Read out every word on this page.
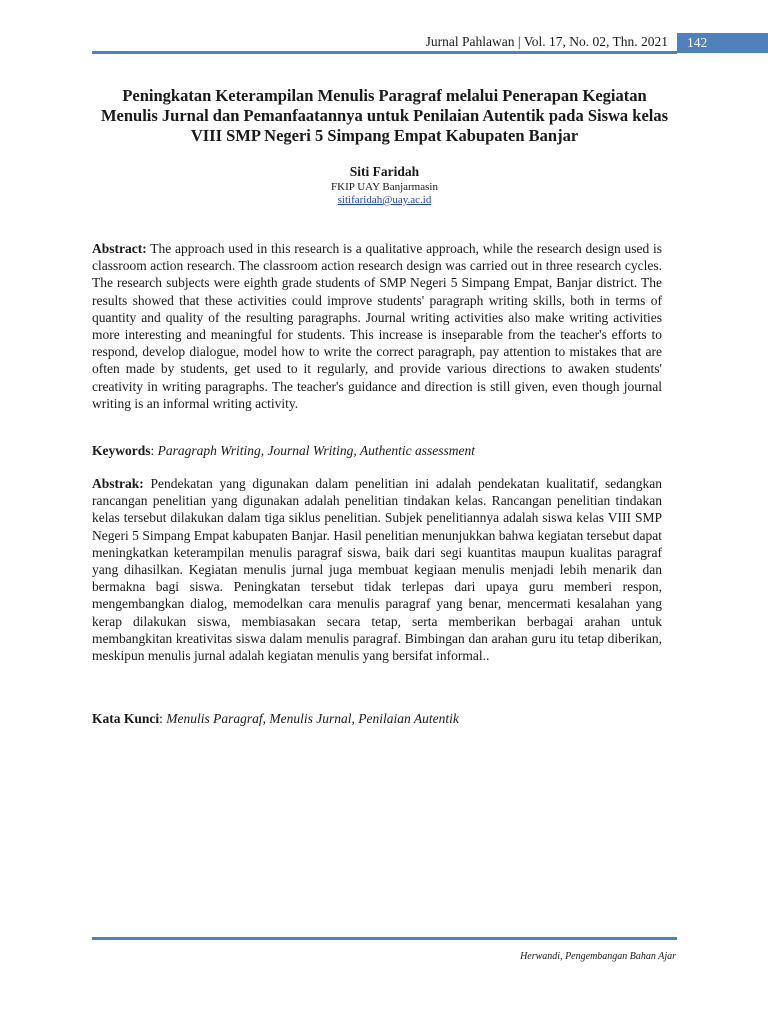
Jurnal Pahlawan | Vol. 17, No. 02, Thn. 2021	142
Peningkatan Keterampilan Menulis Paragraf melalui Penerapan Kegiatan Menulis Jurnal dan Pemanfaatannya untuk Penilaian Autentik pada Siswa kelas VIII SMP Negeri 5 Simpang Empat Kabupaten Banjar
Siti Faridah
FKIP UAY Banjarmasin
sitifaridah@uay.ac.id
Abstract: The approach used in this research is a qualitative approach, while the research design used is classroom action research. The classroom action research design was carried out in three research cycles. The research subjects were eighth grade students of SMP Negeri 5 Simpang Empat, Banjar district. The results showed that these activities could improve students' paragraph writing skills, both in terms of quantity and quality of the resulting paragraphs. Journal writing activities also make writing activities more interesting and meaningful for students. This increase is inseparable from the teacher's efforts to respond, develop dialogue, model how to write the correct paragraph, pay attention to mistakes that are often made by students, get used to it regularly, and provide various directions to awaken students' creativity in writing paragraphs. The teacher's guidance and direction is still given, even though journal writing is an informal writing activity.
Keywords: Paragraph Writing, Journal Writing, Authentic assessment
Abstrak: Pendekatan yang digunakan dalam penelitian ini adalah pendekatan kualitatif, sedangkan rancangan penelitian yang digunakan adalah penelitian tindakan kelas. Rancangan penelitian tindakan kelas tersebut dilakukan dalam tiga siklus penelitian. Subjek penelitiannya adalah siswa kelas VIII SMP Negeri 5 Simpang Empat kabupaten Banjar. Hasil penelitian menunjukkan bahwa kegiatan tersebut dapat meningkatkan keterampilan menulis paragraf siswa, baik dari segi kuantitas maupun kualitas paragraf yang dihasilkan. Kegiatan menulis jurnal juga membuat kegiaan menulis menjadi lebih menarik dan bermakna bagi siswa. Peningkatan tersebut tidak terlepas dari upaya guru memberi respon, mengembangkan dialog, memodelkan cara menulis paragraf yang benar, mencermati kesalahan yang kerap dilakukan siswa, membiasakan secara tetap, serta memberikan berbagai arahan untuk membangkitan kreativitas siswa dalam menulis paragraf. Bimbingan dan arahan guru itu tetap diberikan, meskipun menulis jurnal adalah kegiatan menulis yang bersifat informal..
Kata Kunci: Menulis Paragraf, Menulis Jurnal, Penilaian Autentik
Herwandi, Pengembangan Bahan Ajar
